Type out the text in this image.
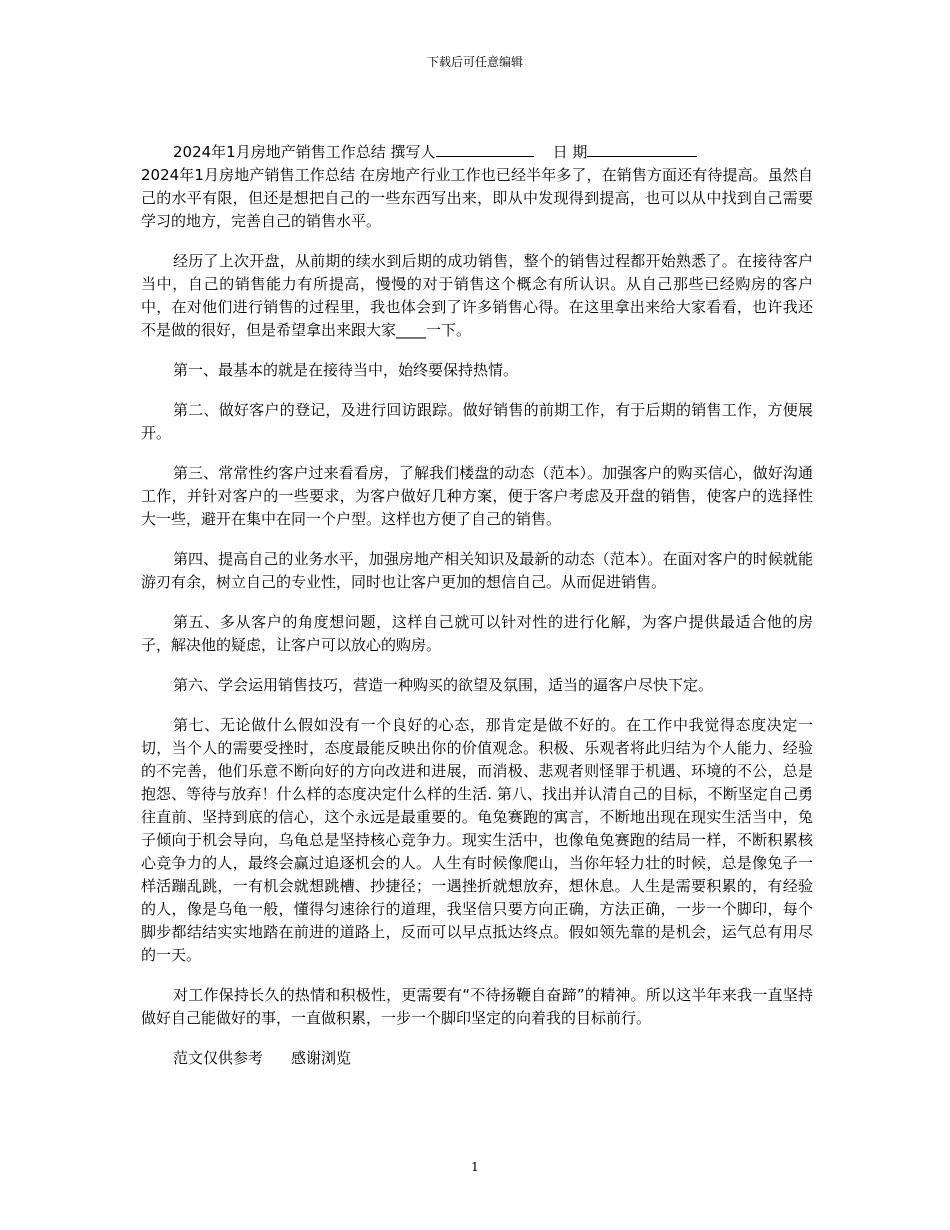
下载后可任意编辑

2024年1月房地产销售工作总结 撰写人	日 期
2024年1月房地产销售工作总结 在房地产行业工作也已经半年多了，在销售方面还有待提高。虽然自己的水平有限，但还是想把自己的一些东西写出来，即从中发现得到提高，也可以从中找到自己需要学习的地方，完善自己的销售水平。

经历了上次开盘，从前期的续水到后期的成功销售，整个的销售过程都开始熟悉了。在接待客户当中，自己的销售能力有所提高，慢慢的对于销售这个概念有所认识。从自己那些已经购房的客户中，在对他们进行销售的过程里，我也体会到了许多销售心得。在这里拿出来给大家看看，也许我还不是做的很好，但是希望拿出来跟大家____一下。

第一、最基本的就是在接待当中，始终要保持热情。

第二、做好客户的登记，及进行回访跟踪。做好销售的前期工作，有于后期的销售工作，方便展开。

第三、常常性约客户过来看看房，了解我们楼盘的动态（范本）。加强客户的购买信心，做好沟通工作，并针对客户的一些要求，为客户做好几种方案，便于客户考虑及开盘的销售，使客户的选择性大一些，避开在集中在同一个户型。这样也方便了自己的销售。

第四、提高自己的业务水平，加强房地产相关知识及最新的动态（范本）。在面对客户的时候就能游刃有余，树立自己的专业性，同时也让客户更加的想信自己。从而促进销售。

第五、多从客户的角度想问题，这样自己就可以针对性的进行化解，为客户提供最适合他的房子，解决他的疑虑，让客户可以放心的购房。

第六、学会运用销售技巧，营造一种购买的欲望及氛围，适当的逼客户尽快下定。

第七、无论做什么假如没有一个良好的心态，那肯定是做不好的。在工作中我觉得态度决定一切，当个人的需要受挫时，态度最能反映出你的价值观念。积极、乐观者将此归结为个人能力、经验的不完善，他们乐意不断向好的方向改进和进展，而消极、悲观者则怪罪于机遇、环境的不公，总是抱怨、等待与放弃！什么样的态度决定什么样的生活. 第八、找出并认清自己的目标，不断坚定自己勇往直前、坚持到底的信心，这个永远是最重要的。龟兔赛跑的寓言，不断地出现在现实生活当中，兔子倾向于机会导向，乌龟总是坚持核心竞争力。现实生活中，也像龟兔赛跑的结局一样，不断积累核心竞争力的人，最终会赢过追逐机会的人。人生有时候像爬山，当你年轻力壮的时候，总是像兔子一样活蹦乱跳，一有机会就想跳槽、抄捷径；一遇挫折就想放弃，想休息。人生是需要积累的，有经验的人，像是乌龟一般，懂得匀速徐行的道理，我坚信只要方向正确，方法正确，一步一个脚印，每个脚步都结结实实地踏在前进的道路上，反而可以早点抵达终点。假如领先靠的是机会，运气总有用尽的一天。

对工作保持长久的热情和积极性，更需要有“不待扬鞭自奋蹄”的精神。所以这半年来我一直坚持做好自己能做好的事，一直做积累，一步一个脚印坚定的向着我的目标前行。

范文仅供参考 感谢浏览

1
